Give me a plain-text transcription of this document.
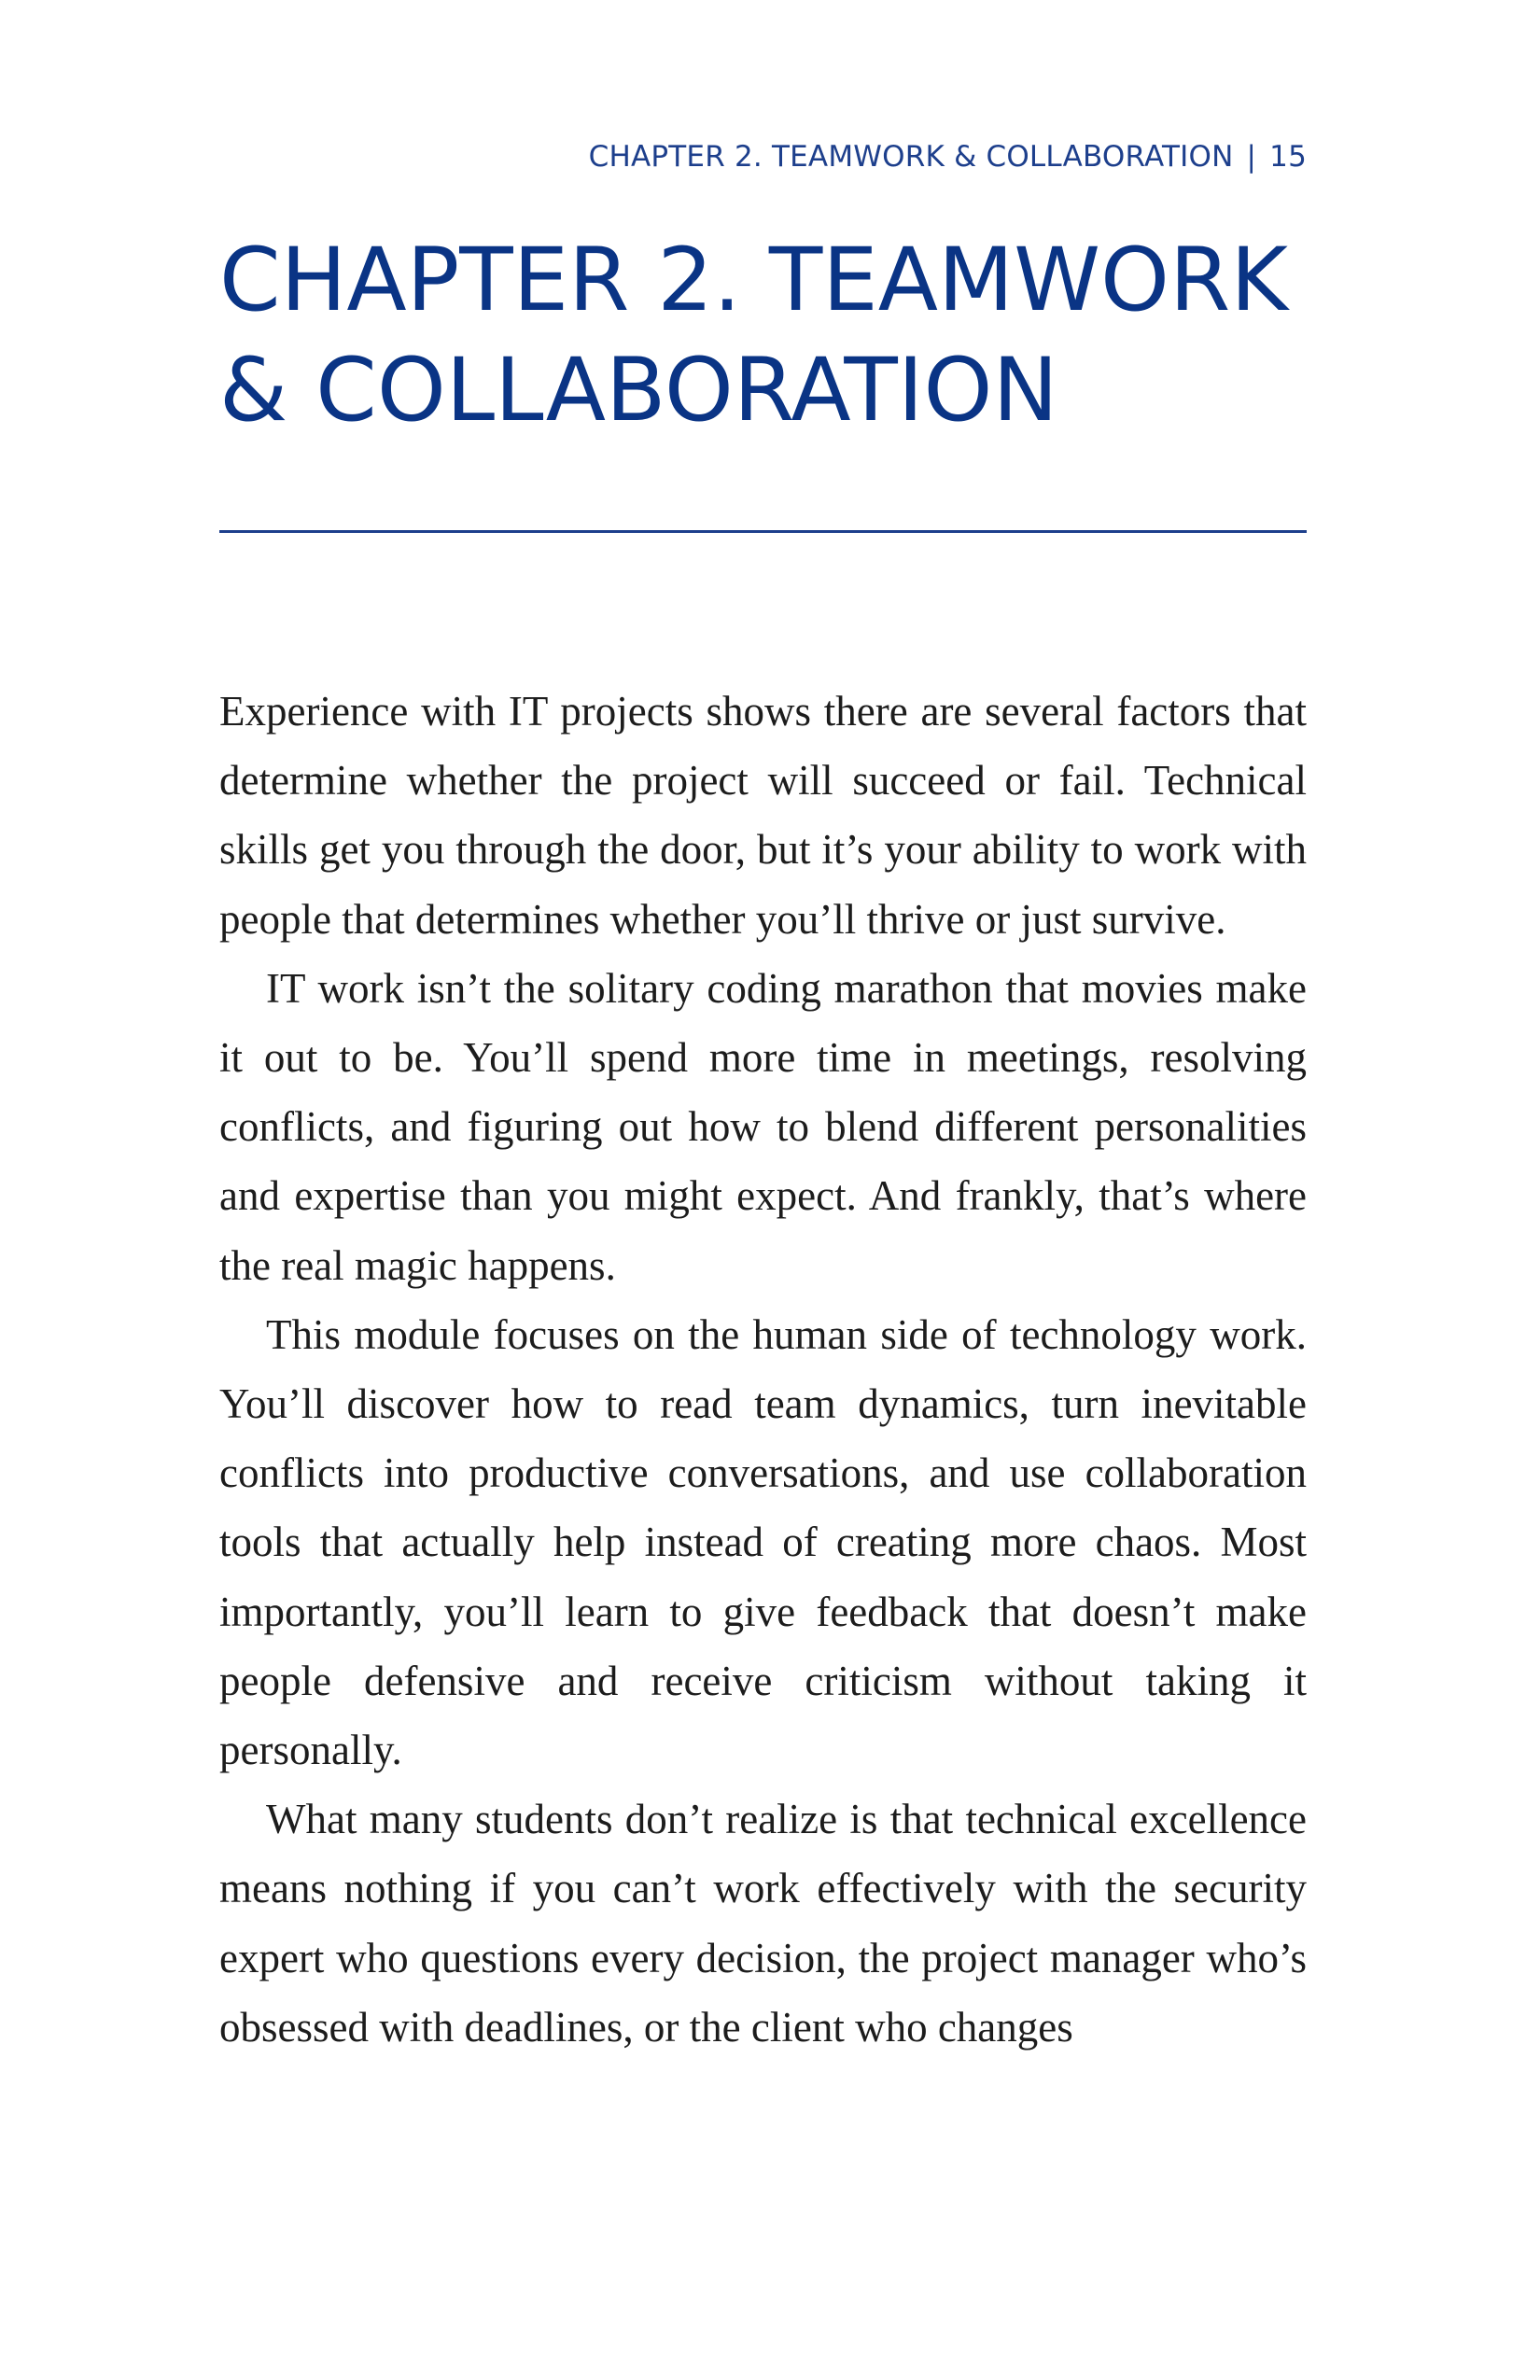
CHAPTER 2. TEAMWORK & COLLABORATION | 15
CHAPTER 2. TEAMWORK
& COLLABORATION

Experience with IT projects shows there are several factors that determine whether the project will succeed or fail. Technical skills get you through the door, but it’s your ability to work with people that determines whether you’ll thrive or just survive.

IT work isn’t the solitary coding marathon that movies make it out to be. You’ll spend more time in meetings, resolving conflicts, and figuring out how to blend different personalities and expertise than you might expect. And frankly, that’s where the real magic happens.

This module focuses on the human side of technology work. You’ll discover how to read team dynamics, turn inevitable conflicts into productive conversations, and use collaboration tools that actually help instead of creating more chaos. Most importantly, you’ll learn to give feedback that doesn’t make people defensive and receive criticism without taking it personally.

What many students don’t realize is that technical excellence means nothing if you can’t work effectively with the security expert who questions every decision, the project manager who’s obsessed with deadlines, or the client who changes
